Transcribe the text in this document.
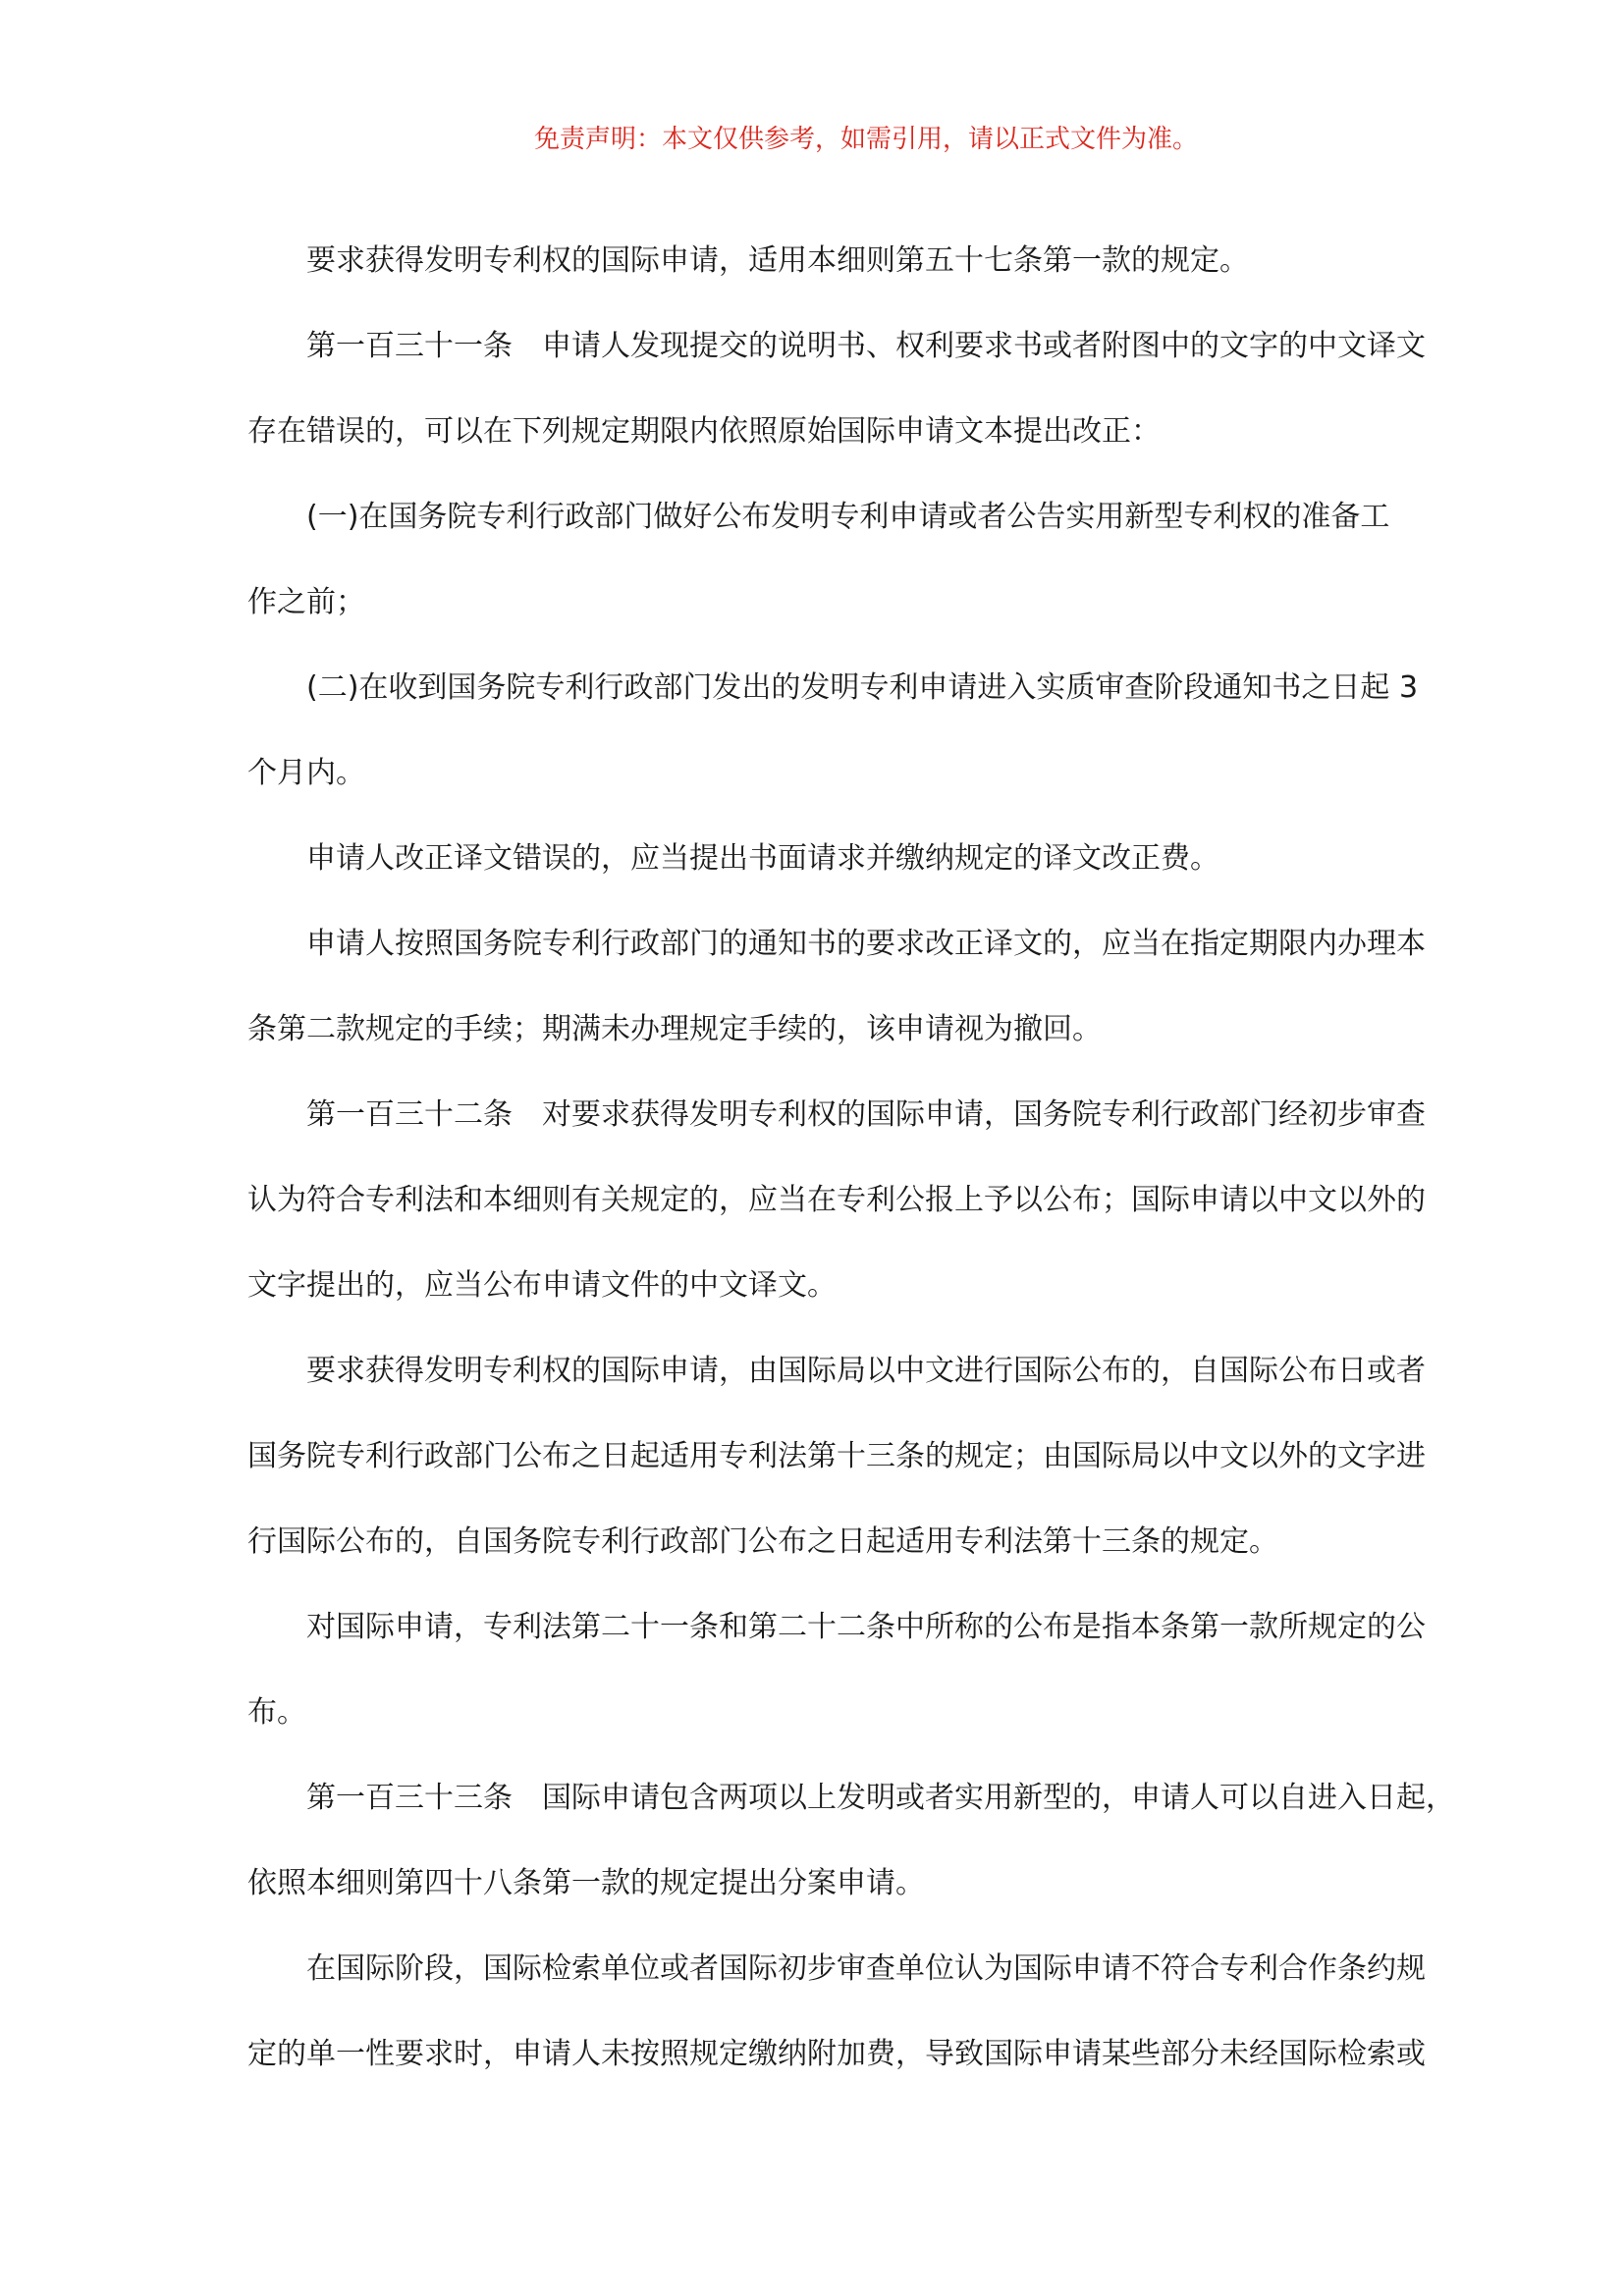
免责声明：本文仅供参考，如需引用，请以正式文件为准。
要求获得发明专利权的国际申请，适用本细则第五十七条第一款的规定。
第一百三十一条　申请人发现提交的说明书、权利要求书或者附图中的文字的中文译文
存在错误的，可以在下列规定期限内依照原始国际申请文本提出改正：
(一)在国务院专利行政部门做好公布发明专利申请或者公告实用新型专利权的准备工
作之前；
(二)在收到国务院专利行政部门发出的发明专利申请进入实质审查阶段通知书之日起 3
个月内。
申请人改正译文错误的，应当提出书面请求并缴纳规定的译文改正费。
申请人按照国务院专利行政部门的通知书的要求改正译文的，应当在指定期限内办理本
条第二款规定的手续；期满未办理规定手续的，该申请视为撤回。
第一百三十二条　对要求获得发明专利权的国际申请，国务院专利行政部门经初步审查
认为符合专利法和本细则有关规定的，应当在专利公报上予以公布；国际申请以中文以外的
文字提出的，应当公布申请文件的中文译文。
要求获得发明专利权的国际申请，由国际局以中文进行国际公布的，自国际公布日或者
国务院专利行政部门公布之日起适用专利法第十三条的规定；由国际局以中文以外的文字进
行国际公布的，自国务院专利行政部门公布之日起适用专利法第十三条的规定。
对国际申请，专利法第二十一条和第二十二条中所称的公布是指本条第一款所规定的公
布。
第一百三十三条　国际申请包含两项以上发明或者实用新型的，申请人可以自进入日起，
依照本细则第四十八条第一款的规定提出分案申请。
在国际阶段，国际检索单位或者国际初步审查单位认为国际申请不符合专利合作条约规
定的单一性要求时，申请人未按照规定缴纳附加费，导致国际申请某些部分未经国际检索或
